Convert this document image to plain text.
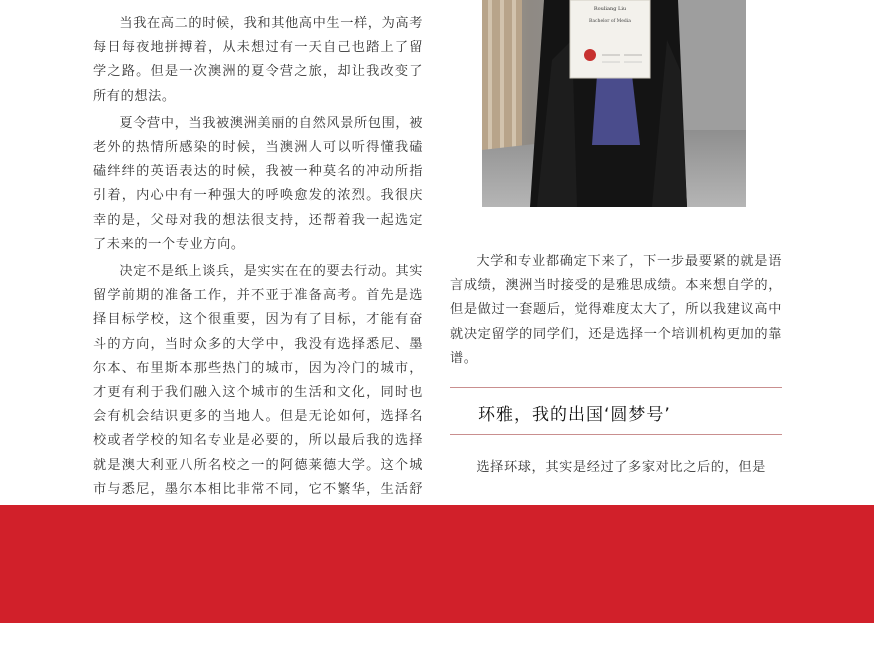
当我在高二的时候，我和其他高中生一样，为高考每日每夜地拼搏着，从未想过有一天自己也踏上了留学之路。但是一次澳洲的夏令营之旅，却让我改变了所有的想法。

夏令营中，当我被澳洲美丽的自然风景所包围，被老外的热情所感染的时候，当澳洲人可以听得懂我磕磕绊绊的英语表达的时候，我被一种莫名的冲动所指引着，内心中有一种强大的呼唤愈发的浓烈。我很庆幸的是，父母对我的想法很支持，还帮着我一起选定了未来的一个专业方向。

决定不是纸上谈兵，是实实在在的要去行动。其实留学前期的准备工作，并不亚于准备高考。首先是选择目标学校，这个很重要，因为有了目标，才能有奋斗的方向，当时众多的大学中，我没有选择悉尼、墨尔本、布里斯本那些热门的城市，因为冷门的城市，才更有利于我们融入这个城市的生活和文化，同时也会有机会结识更多的当地人。但是无论如何，选择名校或者学校的知名专业是必要的，所以最后我的选择就是澳大利亚八所名校之一的阿德莱德大学。这个城市与悉尼，墨尔本相比非常不同，它不繁华，生活舒

Rouliang Liu
Bachelor of Media

大学和专业都确定下来了，下一步最要紧的就是语言成绩，澳洲当时接受的是雅思成绩。本来想自学的，但是做过一套题后，觉得难度太大了，所以我建议高中就决定留学的同学们，还是选择一个培训机构更加的靠谱。

环雅，我的出国‘圆梦号’

选择环球，其实是经过了多家对比之后的，但是
